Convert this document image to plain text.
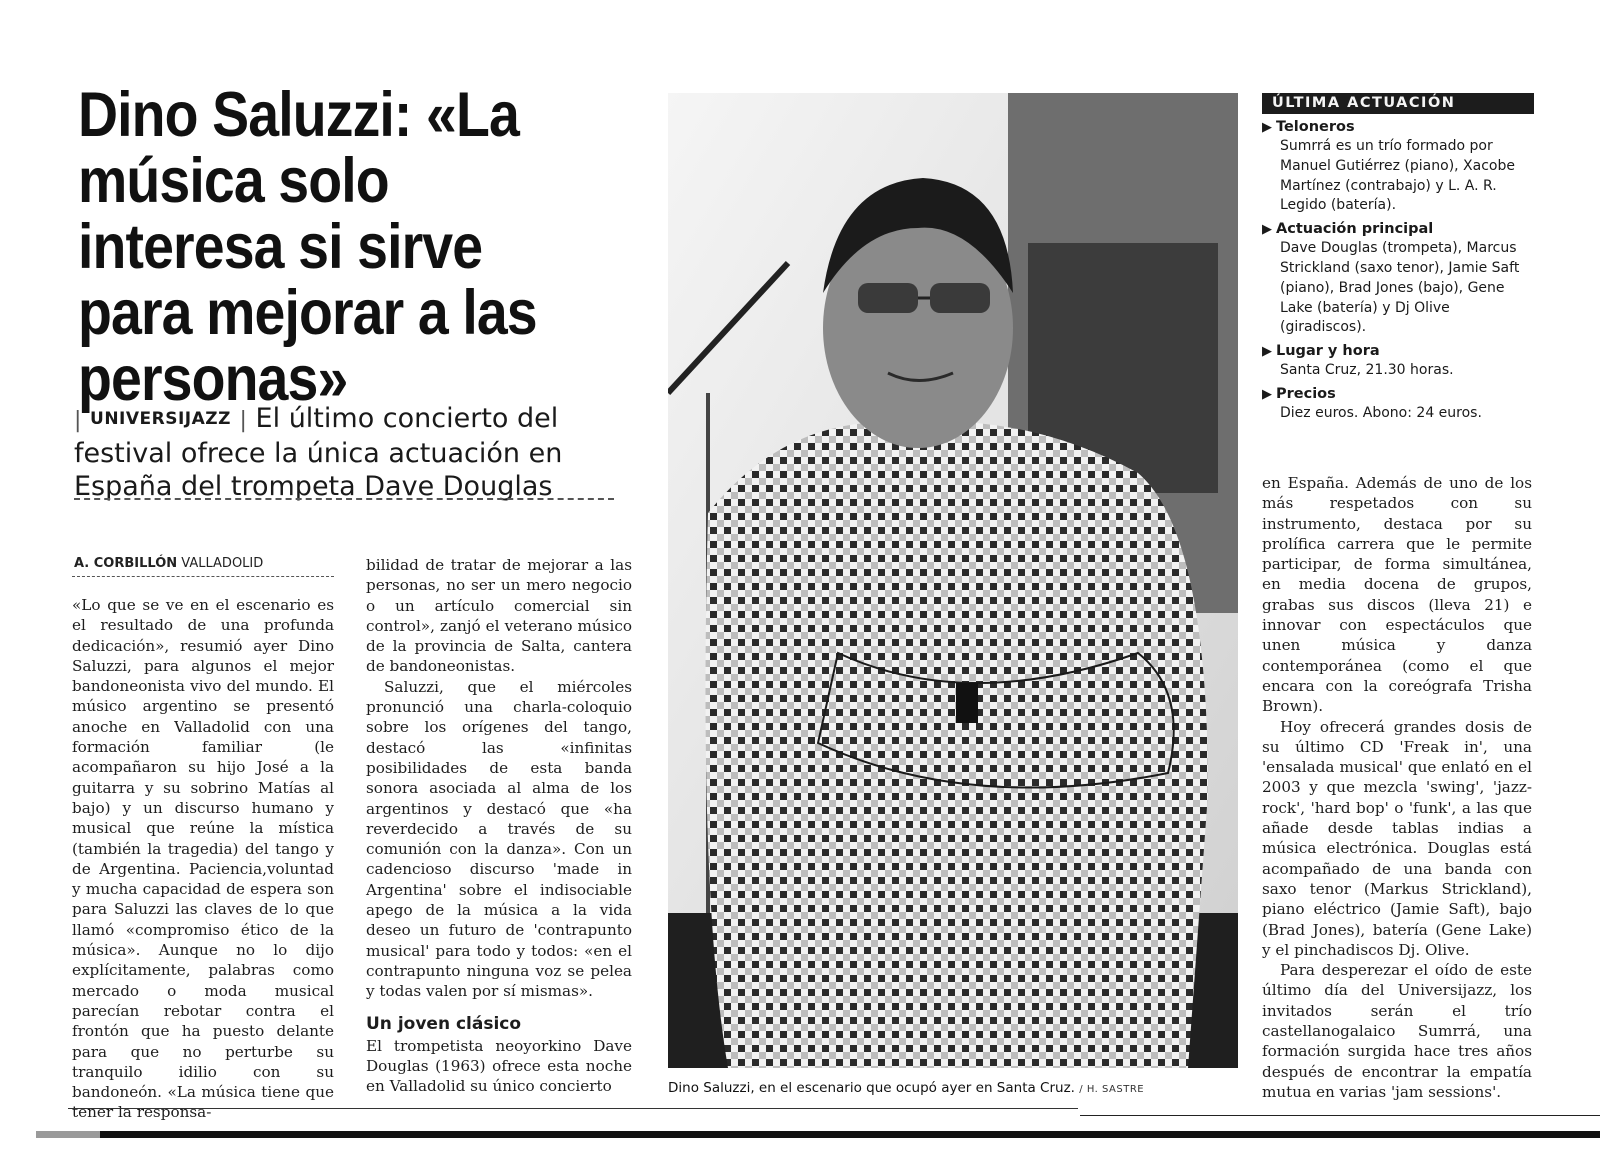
Dino Saluzzi: «La música solo interesa si sirve para mejorar a las personas»
| UNIVERSIJAZZ | El último concierto del festival ofrece la única actuación en España del trompeta Dave Douglas
A. CORBILLÓN VALLADOLID

«Lo que se ve en el escenario es el resultado de una profunda dedicación», resumió ayer Dino Saluzzi, para algunos el mejor bandoneonista vivo del mundo. El músico argentino se presentó anoche en Valladolid con una formación familiar (le acompañaron su hijo José a la guitarra y su sobrino Matías al bajo) y un discurso humano y musical que reúne la mística (también la tragedia) del tango y de Argentina. Paciencia,voluntad y mucha capacidad de espera son para Saluzzi las claves de lo que llamó «compromiso ético de la música». Aunque no lo dijo explícitamente, palabras como mercado o moda musical parecían rebotar contra el frontón que ha puesto delante para que no perturbe su tranquilo idilio con su bandoneón. «La música tiene que tener la responsa-

bilidad de tratar de mejorar a las personas, no ser un mero negocio o un artículo comercial sin control», zanjó el veterano músico de la provincia de Salta, cantera de bandoneonistas.

Saluzzi, que el miércoles pronunció una charla-coloquio sobre los orígenes del tango, destacó las «infinitas posibilidades de esta banda sonora asociada al alma de los argentinos y destacó que «ha reverdecido a través de su comunión con la danza». Con un cadencioso discurso 'made in Argentina' sobre el indisociable apego de la música a la vida deseo un futuro de 'contrapunto musical' para todo y todos: «en el contrapunto ninguna voz se pelea y todas valen por sí mismas».

Un joven clásico

El trompetista neoyorkino Dave Douglas (1963) ofrece esta noche en Valladolid su único concierto	Dino Saluzzi, en el escenario que ocupó ayer en Santa Cruz. / H. SASTRE
ÚLTIMA ACTUACIÓN
▶ Teloneros
Sumrrá es un trío formado por Manuel Gutiérrez (piano), Xacobe Martínez (contrabajo) y L. A. R. Legido (batería).
▶ Actuación principal
Dave Douglas (trompeta), Marcus Strickland (saxo tenor), Jamie Saft (piano), Brad Jones (bajo), Gene Lake (batería) y Dj Olive (giradiscos).
▶ Lugar y hora
Santa Cruz, 21.30 horas.
▶ Precios
Diez euros. Abono: 24 euros.

en España. Además de uno de los más respetados con su instrumento, destaca por su prolífica carrera que le permite participar, de forma simultánea, en media docena de grupos, grabas sus discos (lleva 21) e innovar con espectáculos que unen música y danza contemporánea (como el que encara con la coreógrafa Trisha Brown).

Hoy ofrecerá grandes dosis de su último CD 'Freak in', una 'ensalada musical' que enlató en el 2003 y que mezcla 'swing', 'jazz-rock', 'hard bop' o 'funk', a las que añade desde tablas indias a música electrónica. Douglas está acompañado de una banda con saxo tenor (Markus Strickland), piano eléctrico (Jamie Saft), bajo (Brad Jones), batería (Gene Lake) y el pinchadiscos Dj. Olive.

Para desperezar el oído de este último día del Universijazz, los invitados serán el trío castellanogalaico Sumrrá, una formación surgida hace tres años después de encontrar la empatía mutua en varias 'jam sessions'.
